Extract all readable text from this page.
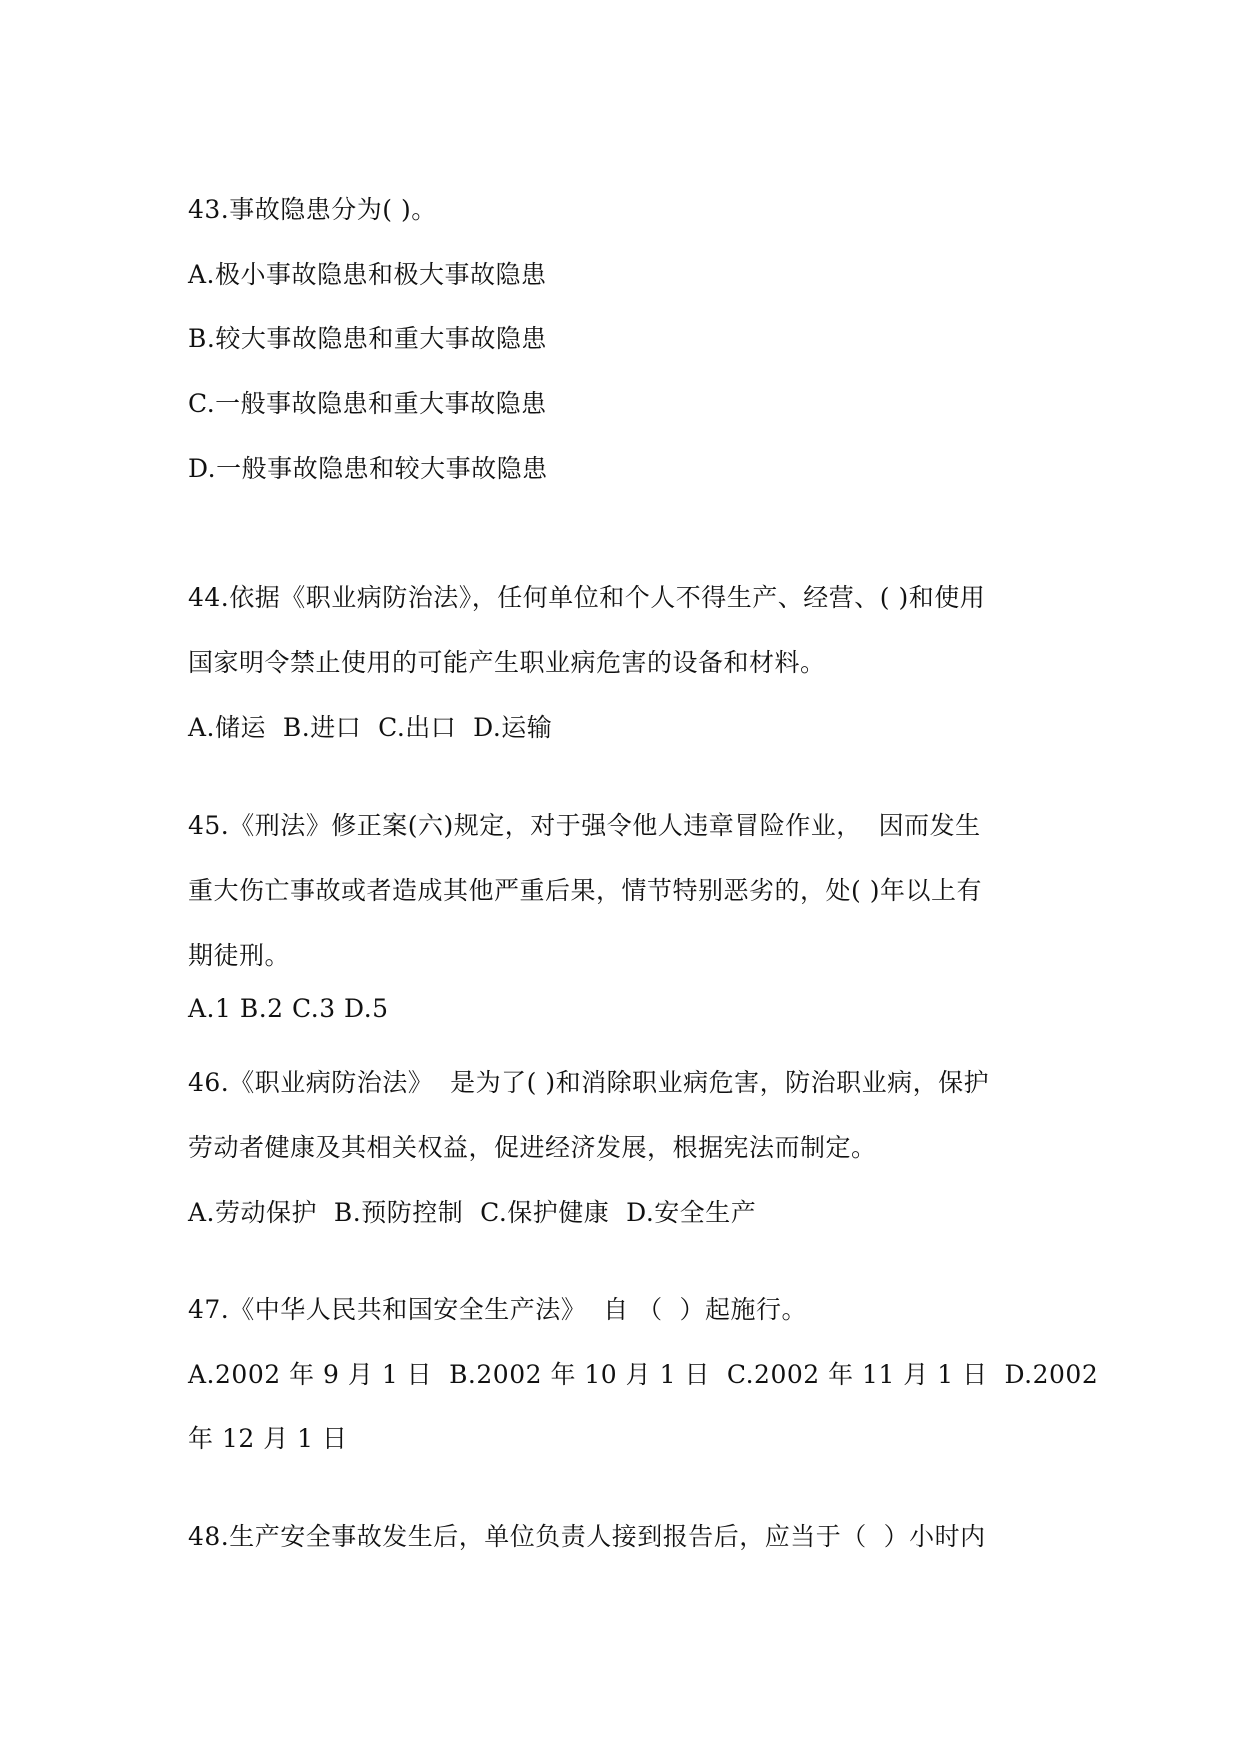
43.事故隐患分为( )。
A.极小事故隐患和极大事故隐患
B.较大事故隐患和重大事故隐患
C.一般事故隐患和重大事故隐患
D.一般事故隐患和较大事故隐患
44.依据《职业病防治法》，任何单位和个人不得生产、经营、( )和使用
国家明令禁止使用的可能产生职业病危害的设备和材料。
A.储运  B.进口  C.出口  D.运输
45.《刑法》修正案(六)规定，对于强令他人违章冒险作业，  因而发生
重大伤亡事故或者造成其他严重后果，情节特别恶劣的，处( )年以上有
期徒刑。
A.1 B.2 C.3 D.5
46.《职业病防治法》  是为了( )和消除职业病危害，防治职业病，保护
劳动者健康及其相关权益，促进经济发展，根据宪法而制定。
A.劳动保护  B.预防控制  C.保护健康  D.安全生产
47.《中华人民共和国安全生产法》  自 （  ）起施行。
A.2002 年 9 月 1 日  B.2002 年 10 月 1 日  C.2002 年 11 月 1 日  D.2002
年 12 月 1 日
48.生产安全事故发生后，单位负责人接到报告后，应当于（  ）小时内
